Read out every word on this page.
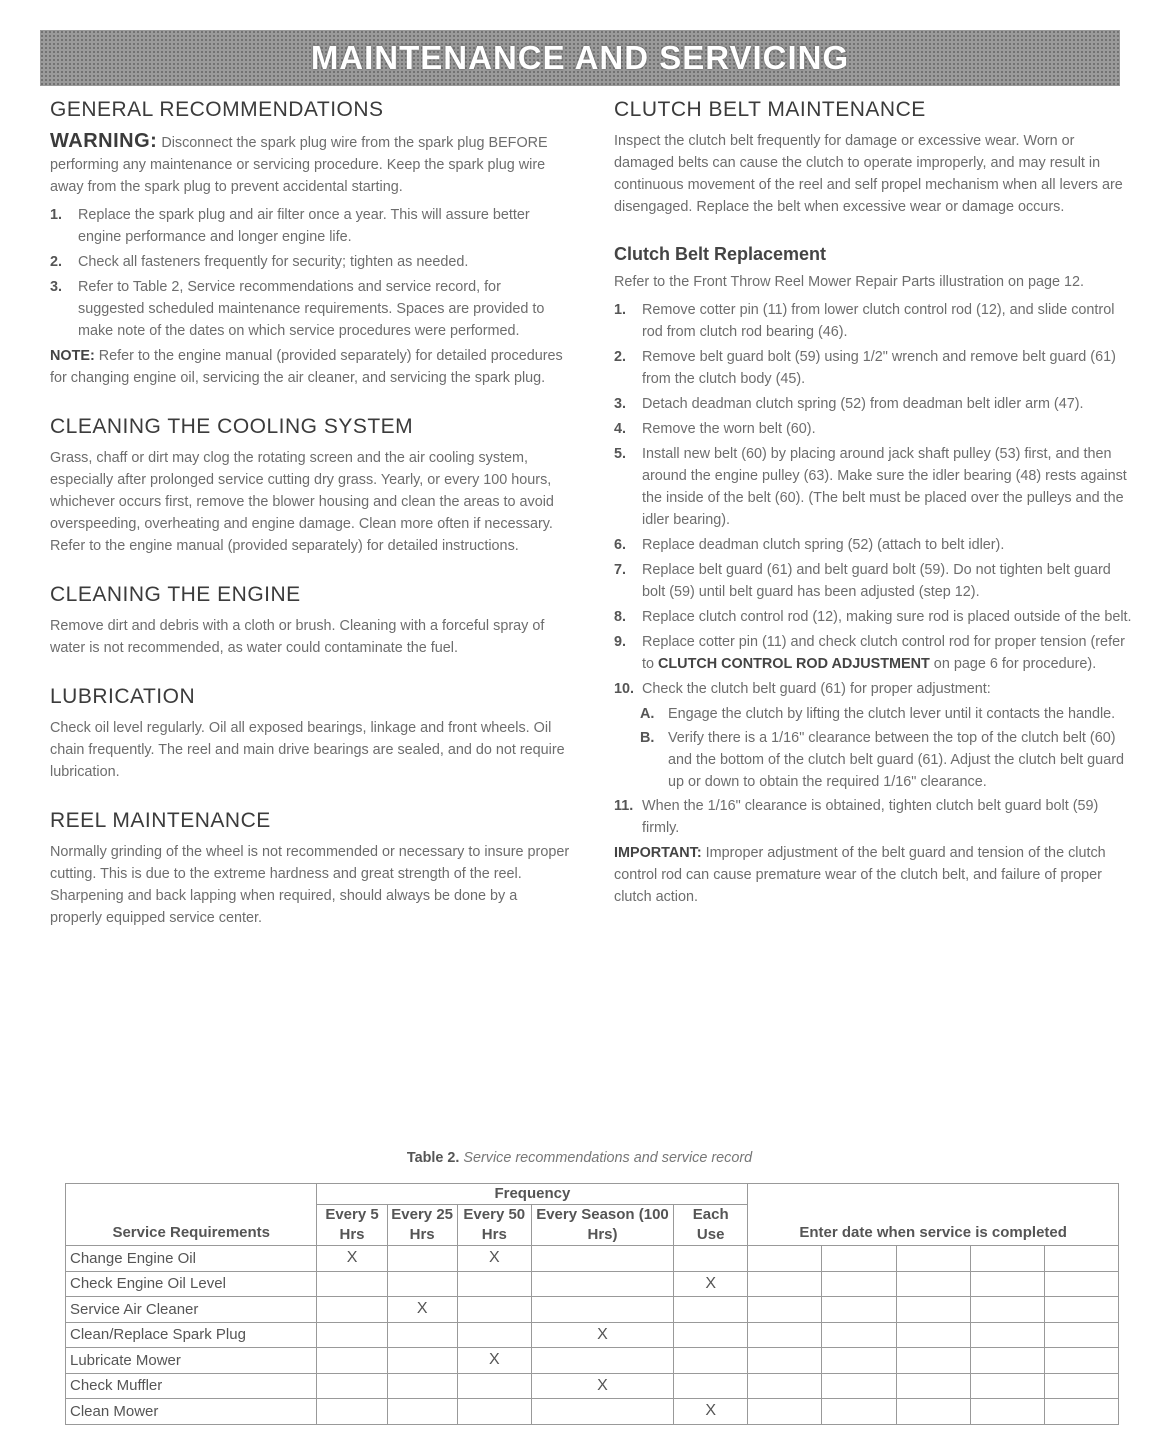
MAINTENANCE AND SERVICING
GENERAL RECOMMENDATIONS

WARNING: Disconnect the spark plug wire from the spark plug BEFORE performing any maintenance or servicing procedure. Keep the spark plug wire away from the spark plug to prevent accidental starting.

1.	Replace the spark plug and air filter once a year. This will assure better engine performance and longer engine life.
2.	Check all fasteners frequently for security; tighten as needed.
3.	Refer to Table 2, Service recommendations and service record, for suggested scheduled maintenance requirements. Spaces are provided to make note of the dates on which service procedures were performed.

NOTE: Refer to the engine manual (provided separately) for detailed procedures for changing engine oil, servicing the air cleaner, and servicing the spark plug.

CLEANING THE COOLING SYSTEM

Grass, chaff or dirt may clog the rotating screen and the air cooling system, especially after prolonged service cutting dry grass. Yearly, or every 100 hours, whichever occurs first, remove the blower housing and clean the areas to avoid overspeeding, overheating and engine damage. Clean more often if necessary. Refer to the engine manual (provided separately) for detailed instructions.

CLEANING THE ENGINE

Remove dirt and debris with a cloth or brush. Cleaning with a forceful spray of water is not recommended, as water could contaminate the fuel.

LUBRICATION

Check oil level regularly. Oil all exposed bearings, linkage and front wheels. Oil chain frequently. The reel and main drive bearings are sealed, and do not require lubrication.

REEL MAINTENANCE

Normally grinding of the wheel is not recommended or necessary to insure proper cutting. This is due to the extreme hardness and great strength of the reel. Sharpening and back lapping when required, should always be done by a properly equipped service center.

CLUTCH BELT MAINTENANCE

Inspect the clutch belt frequently for damage or excessive wear. Worn or damaged belts can cause the clutch to operate improperly, and may result in continuous movement of the reel and self propel mechanism when all levers are disengaged. Replace the belt when excessive wear or damage occurs.

Clutch Belt Replacement

Refer to the Front Throw Reel Mower Repair Parts illustration on page 12.

1.	Remove cotter pin (11) from lower clutch control rod (12), and slide control rod from clutch rod bearing (46).
2.	Remove belt guard bolt (59) using 1/2" wrench and remove belt guard (61) from the clutch body (45).
3.	Detach deadman clutch spring (52) from deadman belt idler arm (47).
4.	Remove the worn belt (60).
5.	Install new belt (60) by placing around jack shaft pulley (53) first, and then around the engine pulley (63). Make sure the idler bearing (48) rests against the inside of the belt (60). (The belt must be placed over the pulleys and the idler bearing).
6.	Replace deadman clutch spring (52) (attach to belt idler).
7.	Replace belt guard (61) and belt guard bolt (59). Do not tighten belt guard bolt (59) until belt guard has been adjusted (step 12).
8.	Replace clutch control rod (12), making sure rod is placed outside of the belt.
9.	Replace cotter pin (11) and check clutch control rod for proper tension (refer to CLUTCH CONTROL ROD ADJUSTMENT on page 6 for procedure).
10. Check the clutch belt guard (61) for proper adjustment:
A. Engage the clutch by lifting the clutch lever until it contacts the handle.
B. Verify there is a 1/16" clearance between the top of the clutch belt (60) and the bottom of the clutch belt guard (61). Adjust the clutch belt guard up or down to obtain the required 1/16" clearance.
11. When the 1/16" clearance is obtained, tighten clutch belt guard bolt (59) firmly.

IMPORTANT: Improper adjustment of the belt guard and tension of the clutch control rod can cause premature wear of the clutch belt, and failure of proper clutch action.

Table 2. Service recommendations and service record
Service Requirements	Frequency					Enter date when service is completed				
	Every 5 Hrs	Every 25 Hrs	Every 50 Hrs	Every Season (100 Hrs)	Each Use					
Change Engine Oil	X		X							
Check Engine Oil Level					X					
Service Air Cleaner		X								
Clean/Replace Spark Plug				X						
Lubricate Mower			X							
Check Muffler				X						
Clean Mower					X					
